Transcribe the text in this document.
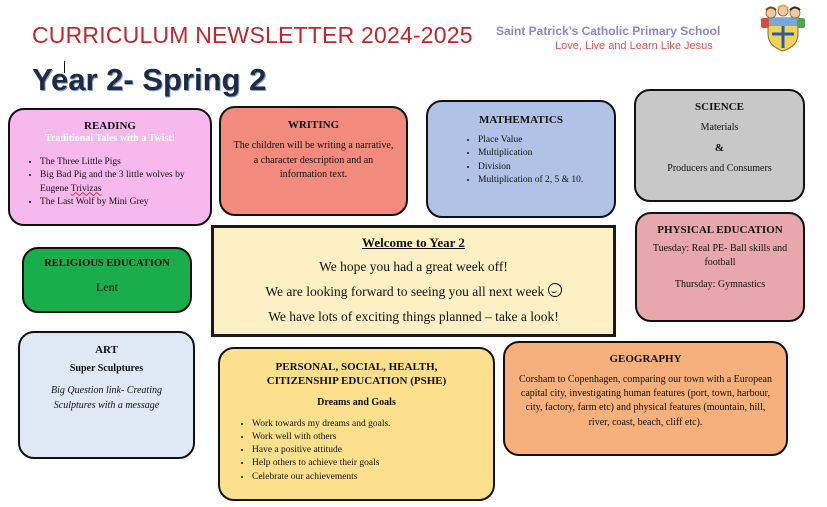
CURRICULUM NEWSLETTER 2024-2025
Year 2- Spring 2
Saint Patrick’s Catholic Primary School
Love, Live and Learn Like Jesus
READING

Traditional Tales with a Twist!

• The Three Little Pigs
• Big Bad Pig and the 3 little wolves by Eugene Trivizas
• The Last Wolf by Mini Grey
WRITING

The children will be writing a narrative, a character description and an information text.

MATHEMATICS
• Place Value
• Multiplication
• Division
• Multiplication of 2, 5 & 10.
SCIENCE

Materials

&

Producers and Consumers

RELIGIOUS EDUCATION

Lent

Welcome to Year 2

We hope you had a great week off!

We are looking forward to seeing you all next week

We have lots of exciting things planned – take a look!

PHYSICAL EDUCATION

Tuesday: Real PE- Ball skills and football

Thursday: Gymnastics

ART

Super Sculptures

Big Question link- Creating Sculptures with a message

PERSONAL, SOCIAL, HEALTH, CITIZENSHIP EDUCATION (PSHE)

Dreams and Goals

• Work towards my dreams and goals.
• Work well with others
• Have a positive attitude
• Help others to achieve their goals
• Celebrate our achievements
GEOGRAPHY

Corsham to Copenhagen, comparing our town with a European capital city, investigating human features (port, town, harbour, city, factory, farm etc) and physical features (mountain, hill, river, coast, beach, cliff etc).
